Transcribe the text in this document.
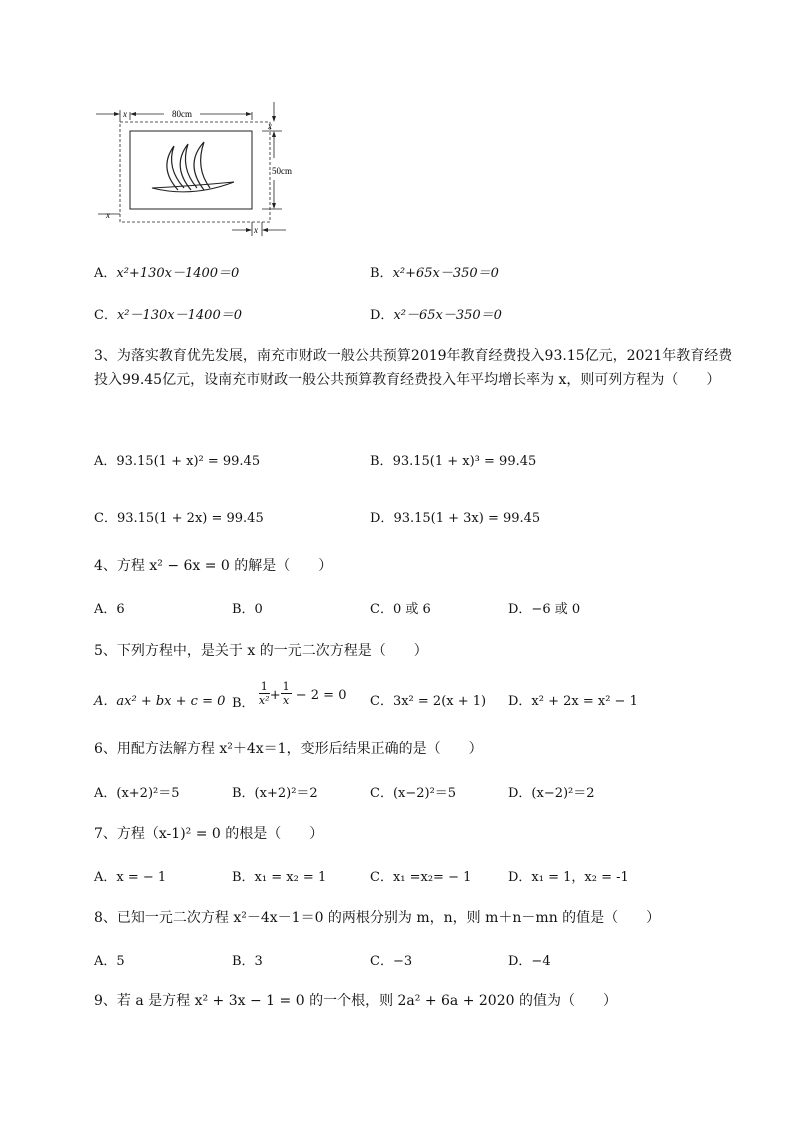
80cm
x
50cm
x
x
x
A．x²+130x－1400＝0	B．x²+65x－350＝0
C．x²－130x－1400＝0	D．x²－65x－350＝0
3、为落实教育优先发展，南充市财政一般公共预算2019年教育经费投入93.15亿元，2021年教育经费投入99.45亿元，设南充市财政一般公共预算教育经费投入年平均增长率为 x，则可列方程为（　　）
A．93.15(1 + x)² = 99.45	B．93.15(1 + x)³ = 99.45
C．93.15(1 + 2x) = 99.45	D．93.15(1 + 3x) = 99.45
4、方程 x² − 6x = 0 的解是（　　）
A．6	B．0	C．0 或 6	D．−6 或 0
5、下列方程中，是关于 x 的一元二次方程是（　　）
A．ax² + bx + c = 0 B． $\frac{1}{\text{x²}} + \frac{1}{x} - 2 = 0$ C．3x² = 2(x + 1) D．x² + 2x = x² − 1
6、用配方法解方程 x²＋4x＝1，变形后结果正确的是（　　）
A．(x+2)²＝5	B．(x+2)²＝2	C．(x−2)²＝5	D．(x−2)²＝2
7、方程（x-1)² = 0 的根是（　　）
A．x = − 1	B．x₁ = x₂ = 1	C．x₁ =x₂= − 1	D．x₁ = 1，x₂ = -1
8、已知一元二次方程 x²－4x－1＝0 的两根分别为 m，n，则 m＋n－mn 的值是（　　）
A．5	B．3	C．−3	D．−4
9、若 a 是方程 x² + 3x − 1 = 0 的一个根，则 2a² + 6a + 2020 的值为（　　）
